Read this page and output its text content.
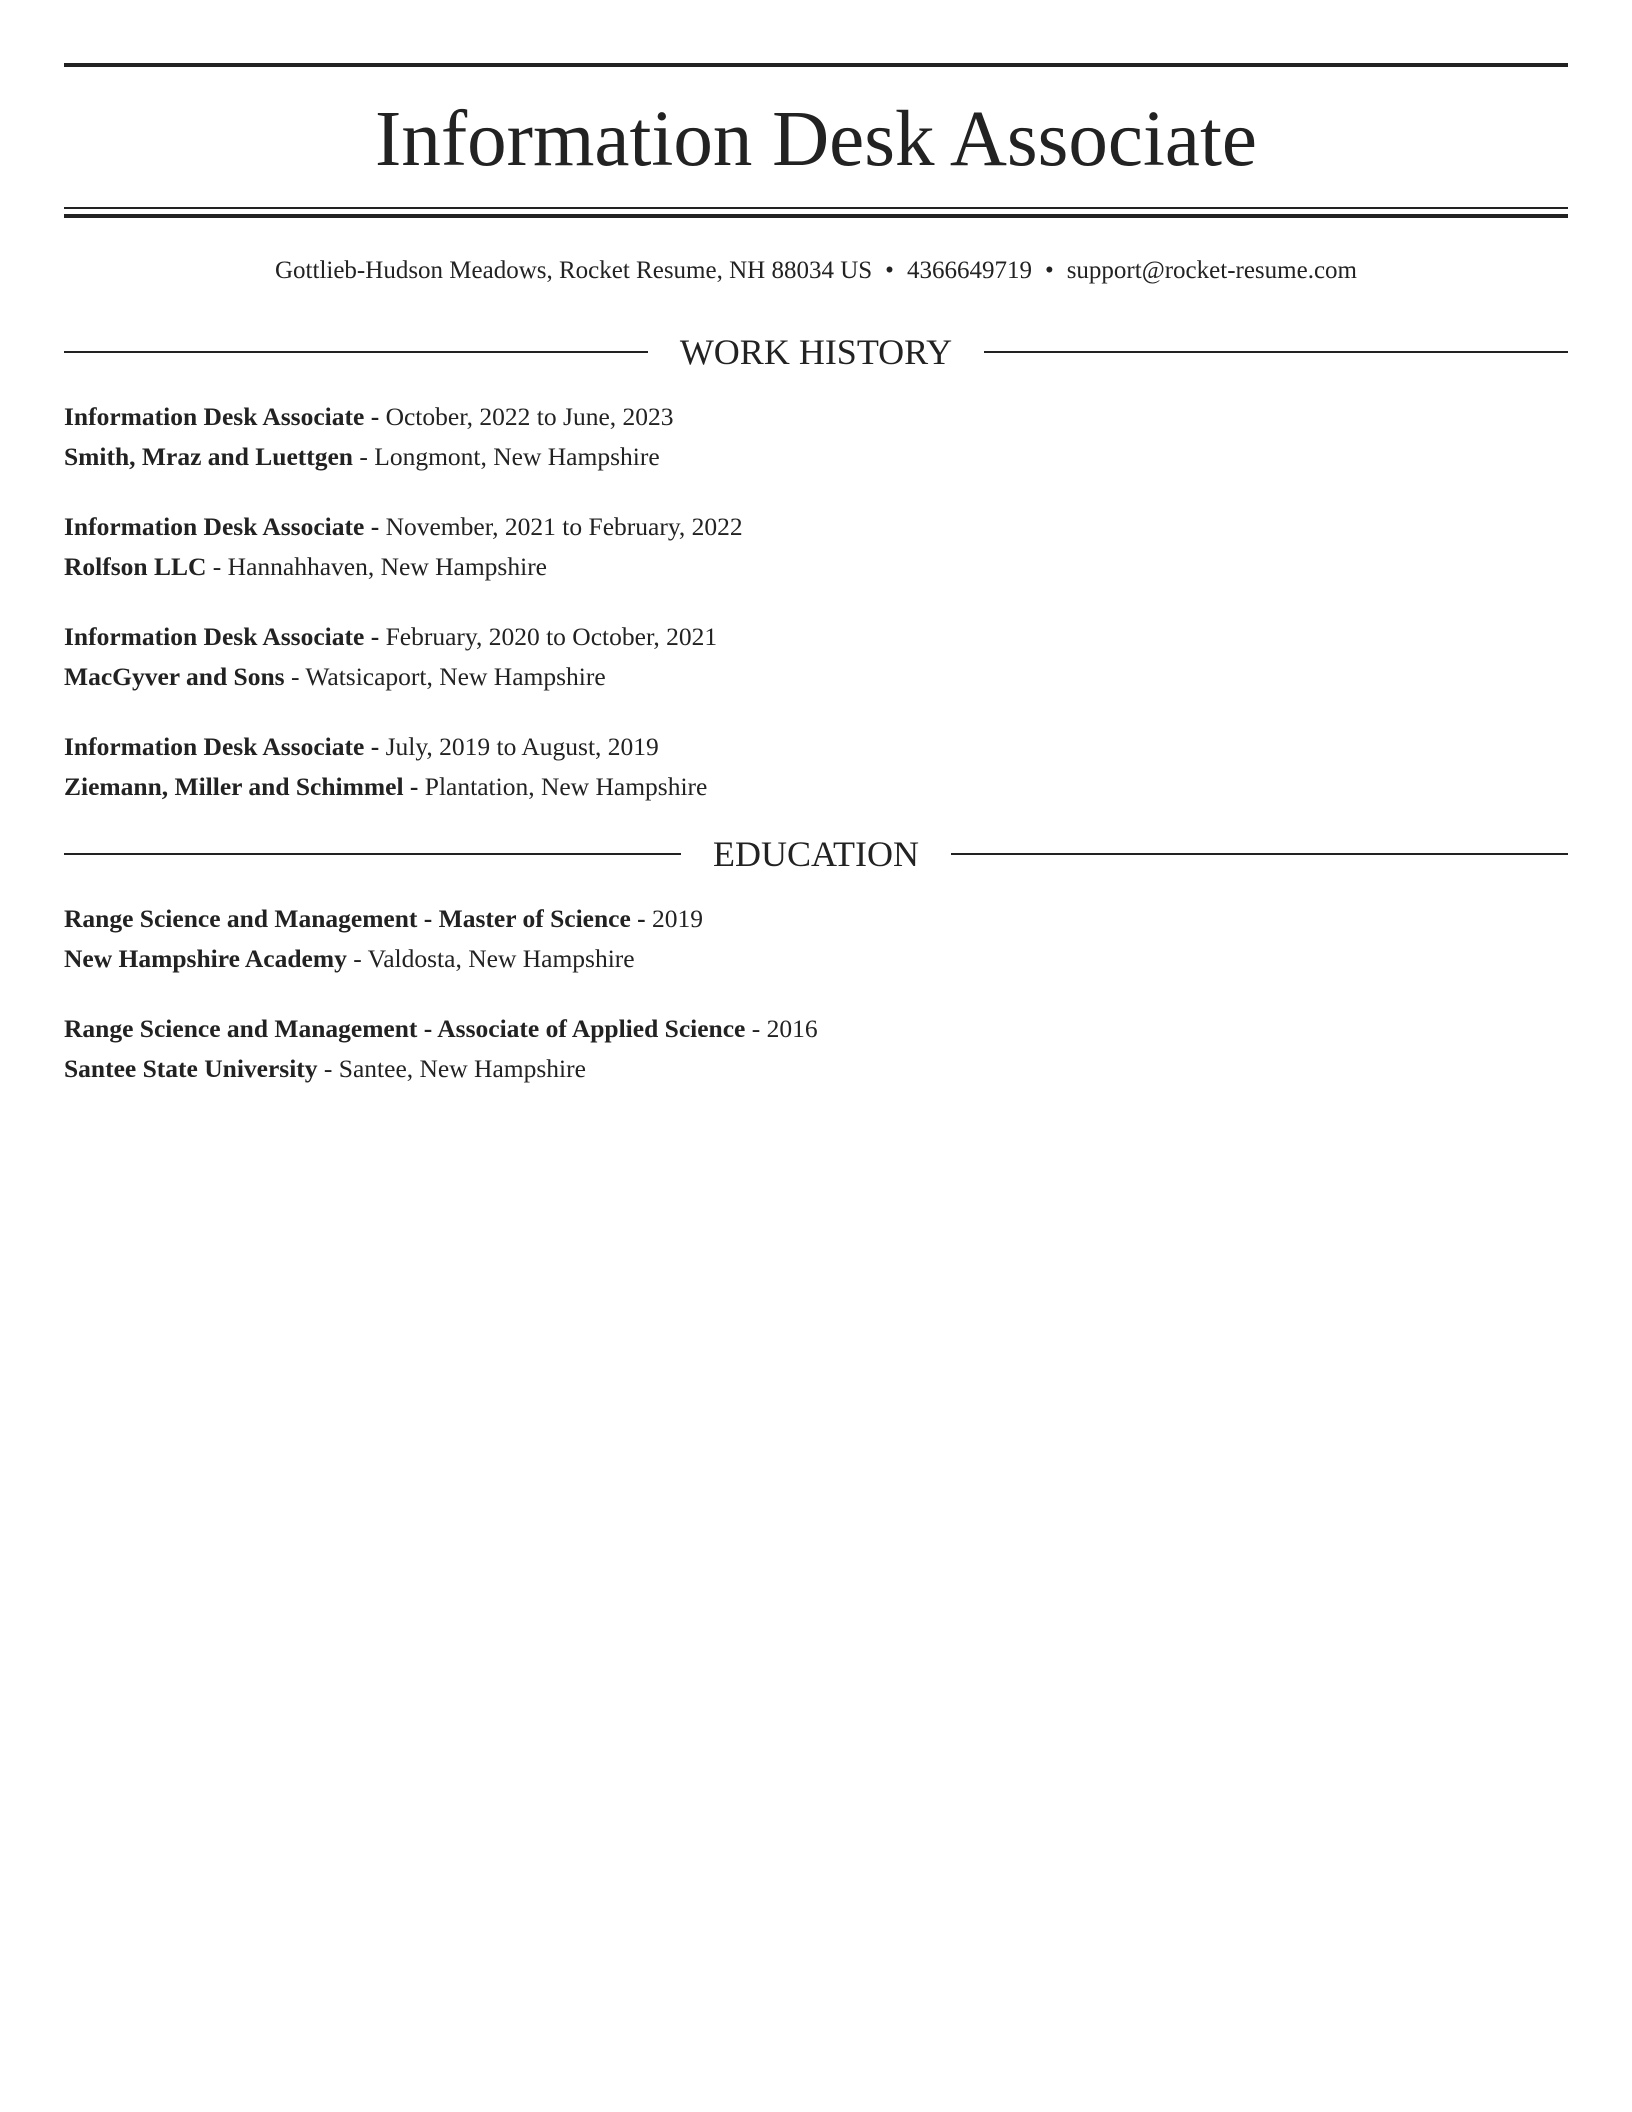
Information Desk Associate
Gottlieb-Hudson Meadows, Rocket Resume, NH 88034 US • 4366649719 • support@rocket-resume.com
WORK HISTORY
Information Desk Associate - October, 2022 to June, 2023
Smith, Mraz and Luettgen - Longmont, New Hampshire
Information Desk Associate - November, 2021 to February, 2022
Rolfson LLC - Hannahhaven, New Hampshire
Information Desk Associate - February, 2020 to October, 2021
MacGyver and Sons - Watsicaport, New Hampshire
Information Desk Associate - July, 2019 to August, 2019
Ziemann, Miller and Schimmel - Plantation, New Hampshire
EDUCATION
Range Science and Management - Master of Science - 2019
New Hampshire Academy - Valdosta, New Hampshire
Range Science and Management - Associate of Applied Science - 2016
Santee State University - Santee, New Hampshire
